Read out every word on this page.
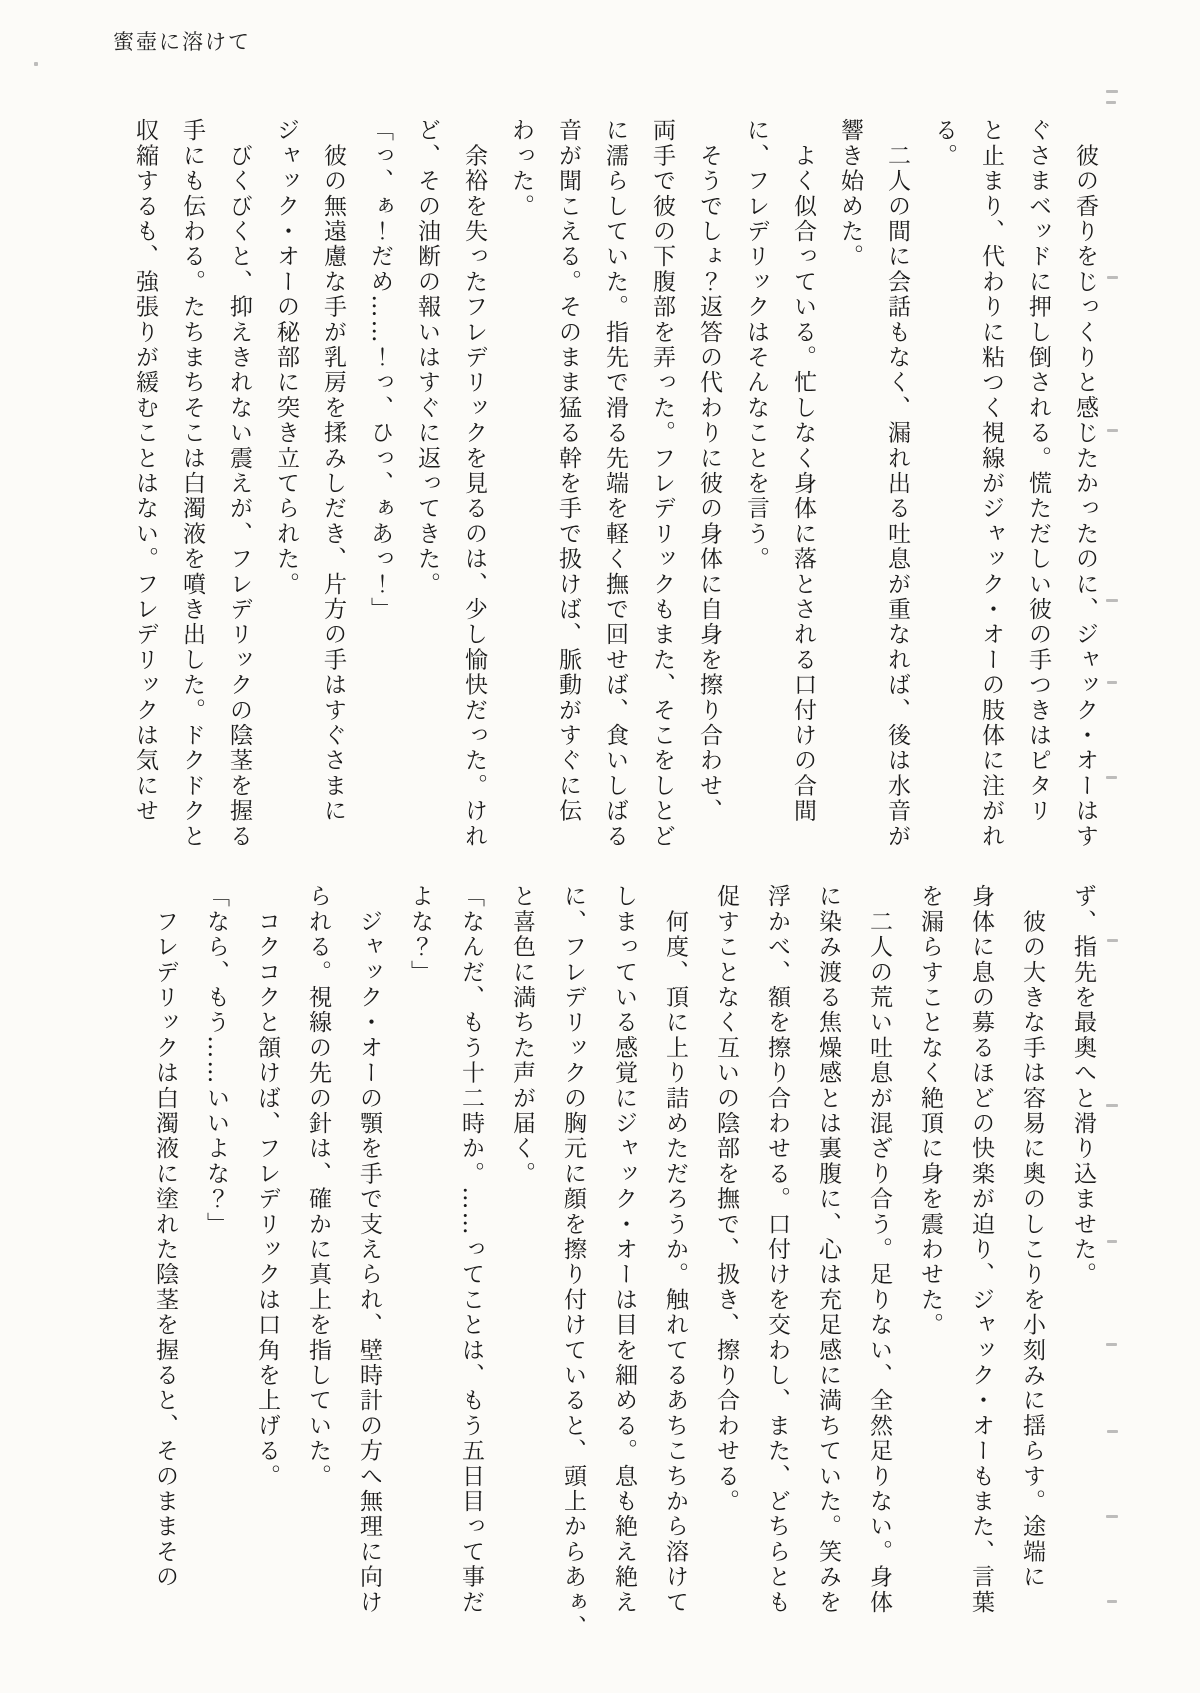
蜜壺に溶けて

　彼の香りをじっくりと感じたかったのに、ジャック・オーはす

ぐさまベッドに押し倒される。慌ただしい彼の手つきはピタリ

と止まり、代わりに粘つく視線がジャック・オーの肢体に注がれ

る。

　二人の間に会話もなく、漏れ出る吐息が重なれば、後は水音が

響き始めた。

　よく似合っている。忙しなく身体に落とされる口付けの合間

に、フレデリックはそんなことを言う。

　そうでしょ？返答の代わりに彼の身体に自身を擦り合わせ、

両手で彼の下腹部を弄った。フレデリックもまた、そこをしとど

に濡らしていた。指先で滑る先端を軽く撫で回せば、食いしばる

音が聞こえる。そのまま猛る幹を手で扱けば、脈動がすぐに伝

わった。

　余裕を失ったフレデリックを見るのは、少し愉快だった。けれ

ど、その油断の報いはすぐに返ってきた。

「っ、ぁ！だめ……！っ、ひっ、ぁあっ！」

　彼の無遠慮な手が乳房を揉みしだき、片方の手はすぐさまに

ジャック・オーの秘部に突き立てられた。

　びくびくと、抑えきれない震えが、フレデリックの陰茎を握る

手にも伝わる。たちまちそこは白濁液を噴き出した。ドクドクと

収縮するも、強張りが緩むことはない。フレデリックは気にせ

ず、指先を最奥へと滑り込ませた。

　彼の大きな手は容易に奥のしこりを小刻みに揺らす。途端に

身体に息の募るほどの快楽が迫り、ジャック・オーもまた、言葉

を漏らすことなく絶頂に身を震わせた。

　二人の荒い吐息が混ざり合う。足りない、全然足りない。身体

に染み渡る焦燥感とは裏腹に、心は充足感に満ちていた。笑みを

浮かべ、額を擦り合わせる。口付けを交わし、また、どちらとも

促すことなく互いの陰部を撫で、扱き、擦り合わせる。

　何度、頂に上り詰めただろうか。触れてるあちこちから溶けて

しまっている感覚にジャック・オーは目を細める。息も絶え絶え

に、フレデリックの胸元に顔を擦り付けていると、頭上からあぁ、

と喜色に満ちた声が届く。

「なんだ、もう十二時か。……ってことは、もう五日目って事だ

よな？」

　ジャック・オーの顎を手で支えられ、壁時計の方へ無理に向け

られる。視線の先の針は、確かに真上を指していた。

　コクコクと頷けば、フレデリックは口角を上げる。

「なら、もう……いいよな？」

　フレデリックは白濁液に塗れた陰茎を握ると、そのままその
